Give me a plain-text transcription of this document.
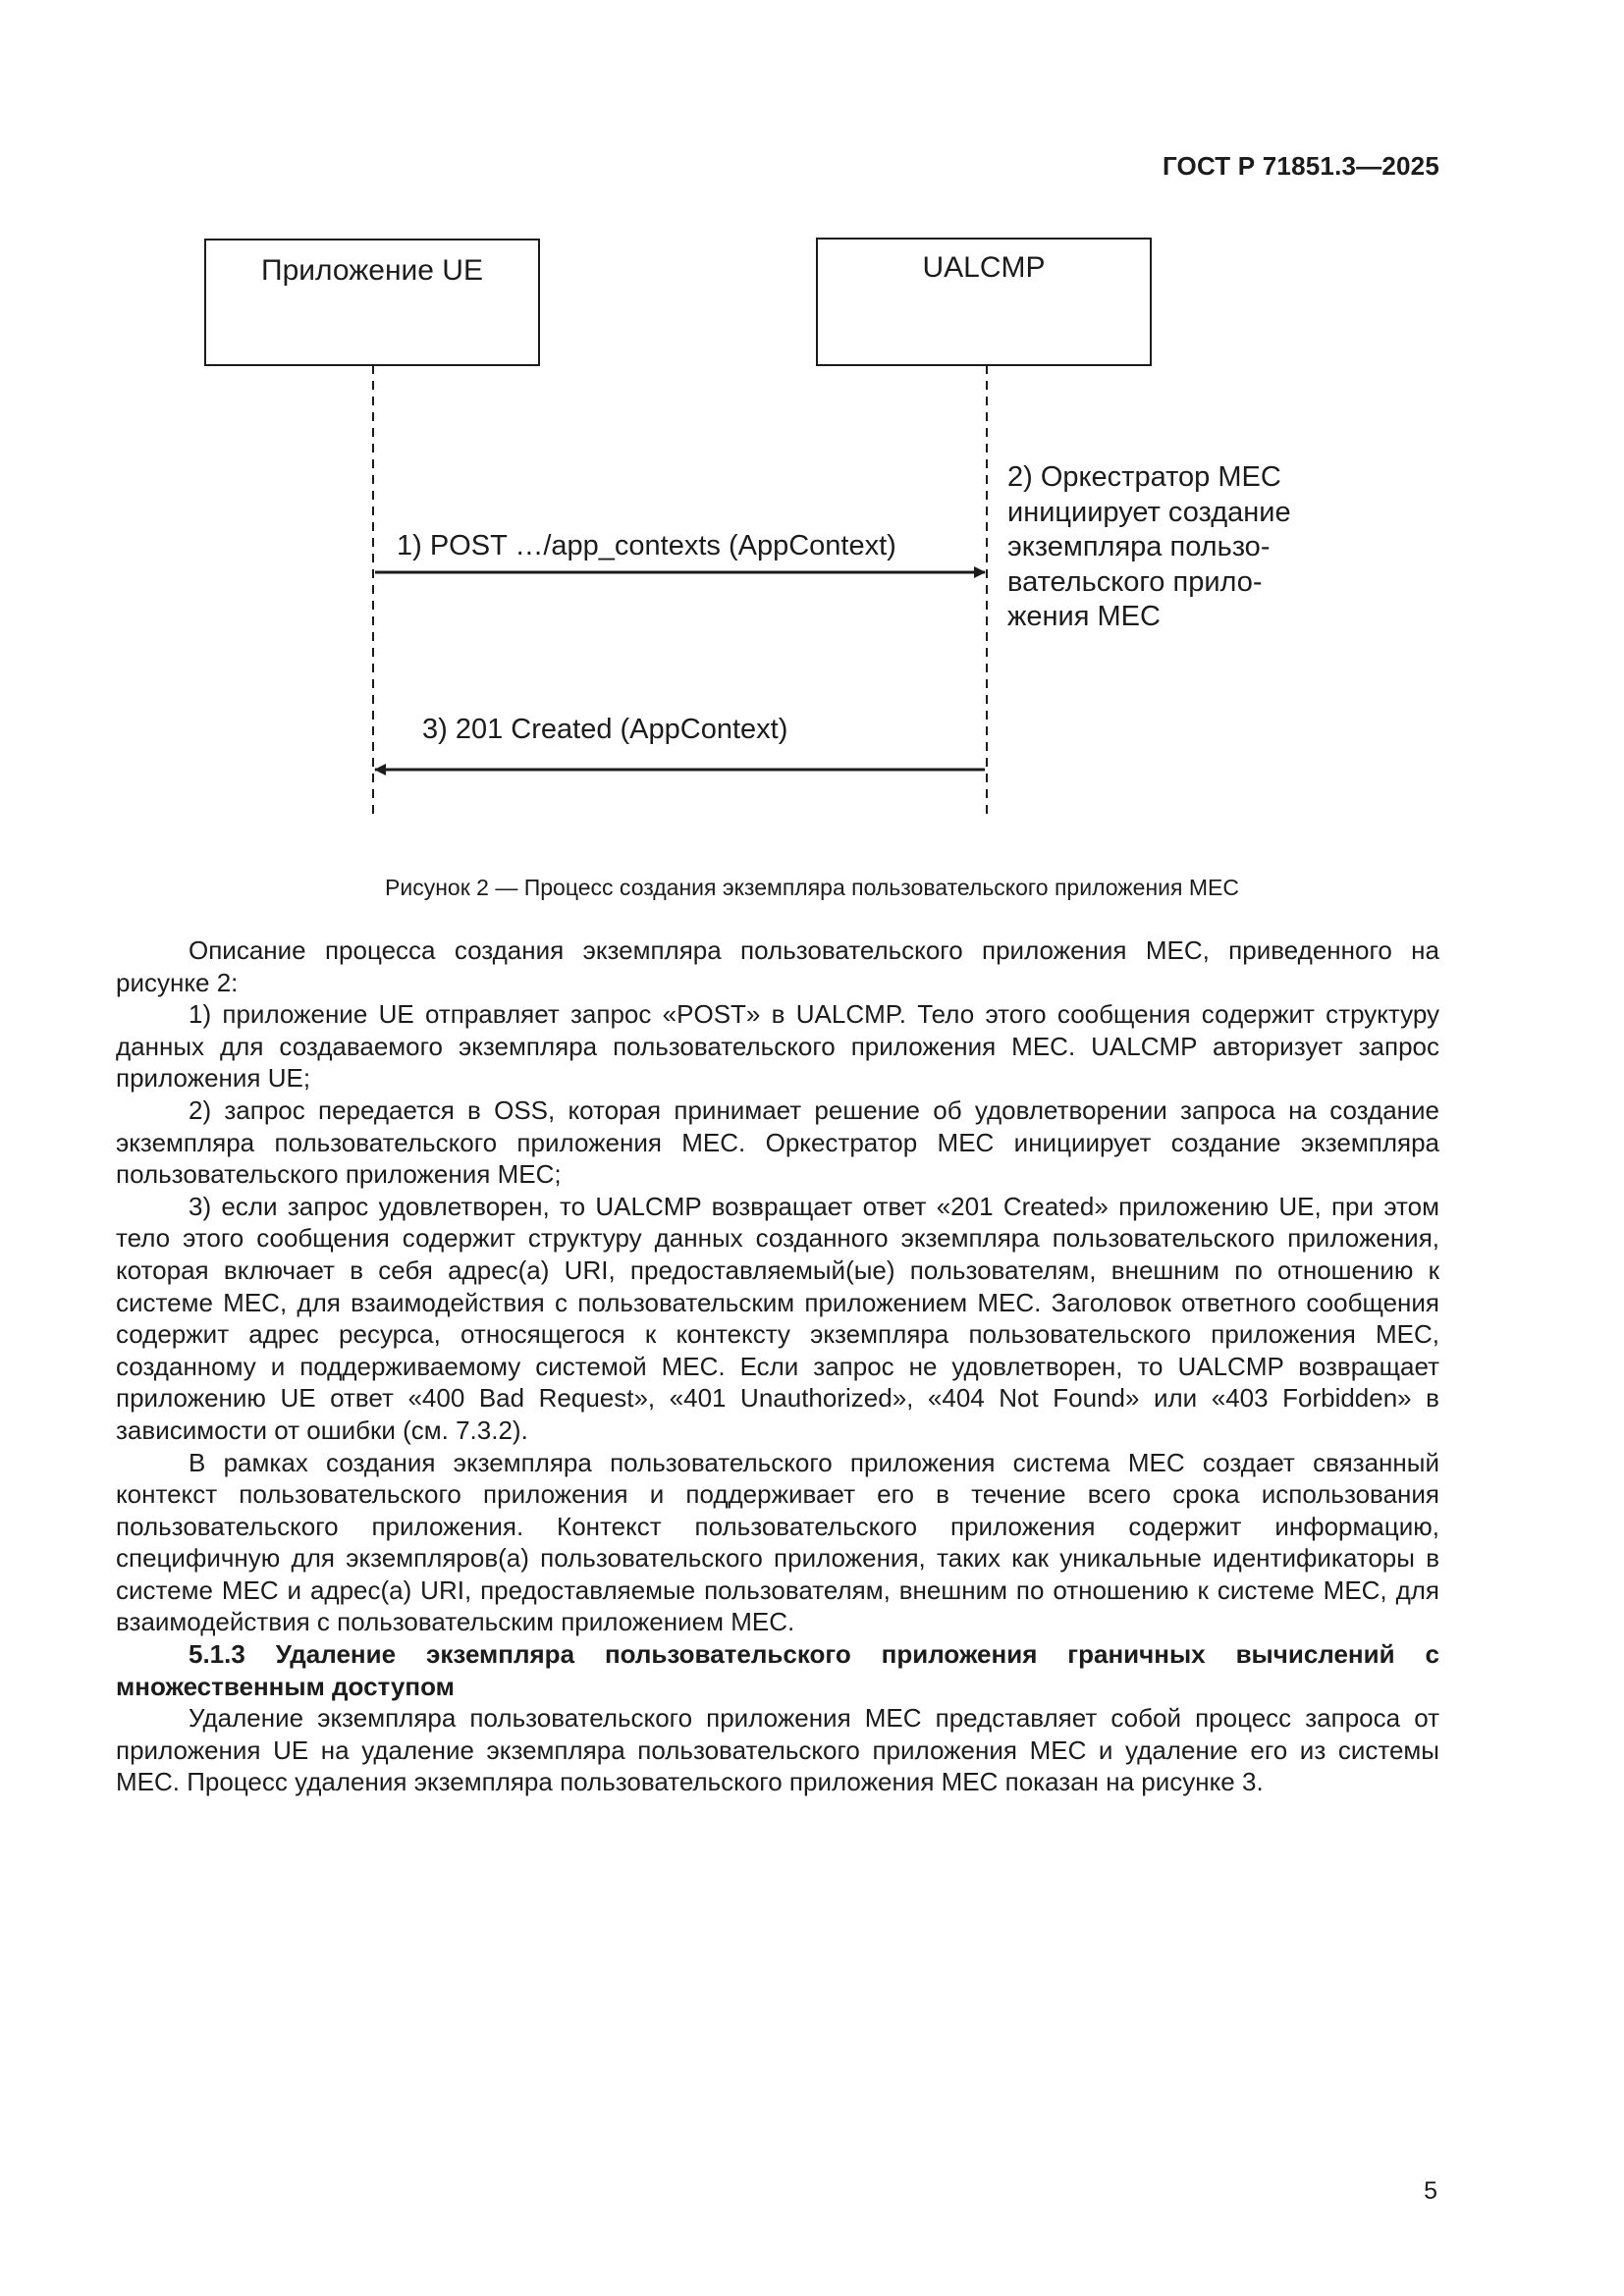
ГОСТ Р 71851.3—2025
Приложение UE	UALCMP
1) POST …/app_contexts (AppContext)
2) Оркестратор МЕС инициирует создание экземпляра пользо- вательского прило- жения МЕС
3) 201 Created (AppContext)
Рисунок 2 — Процесс создания экземпляра пользовательского приложения МЕС

Описание процесса создания экземпляра пользовательского приложения МЕС, приведенного на рисунке 2:

1) приложение UE отправляет запрос «POST» в UALCMP. Тело этого сообщения содержит структуру данных для создаваемого экземпляра пользовательского приложения МЕС. UALCMP авторизует запрос приложения UE;

2) запрос передается в OSS, которая принимает решение об удовлетворении запроса на создание экземпляра пользовательского приложения МЕС. Оркестратор МЕС инициирует создание экземпляра пользовательского приложения МЕС;

3) если запрос удовлетворен, то UALCMP возвращает ответ «201 Created» приложению UE, при этом тело этого сообщения содержит структуру данных созданного экземпляра пользовательского приложения, которая включает в себя адрес(а) URI, предоставляемый(ые) пользователям, внешним по отношению к системе МЕС, для взаимодействия с пользовательским приложением МЕС. Заголовок ответного сообщения содержит адрес ресурса, относящегося к контексту экземпляра пользовательского приложения МЕС, созданному и поддерживаемому системой МЕС. Если запрос не удовлетворен, то UALCMP возвращает приложению UE ответ «400 Bad Request», «401 Unauthorized», «404 Not Found» или «403 Forbidden» в зависимости от ошибки (см. 7.3.2).

В рамках создания экземпляра пользовательского приложения система МЕС создает связанный контекст пользовательского приложения и поддерживает его в течение всего срока использования пользовательского приложения. Контекст пользовательского приложения содержит информацию, специфичную для экземпляров(а) пользовательского приложения, таких как уникальные идентификаторы в системе МЕС и адрес(а) URI, предоставляемые пользователям, внешним по отношению к системе МЕС, для взаимодействия с пользовательским приложением МЕС.

5.1.3 Удаление экземпляра пользовательского приложения граничных вычислений с множественным доступом

Удаление экземпляра пользовательского приложения МЕС представляет собой процесс запроса от приложения UE на удаление экземпляра пользовательского приложения МЕС и удаление его из системы МЕС. Процесс удаления экземпляра пользовательского приложения МЕС показан на рисунке 3.

5
